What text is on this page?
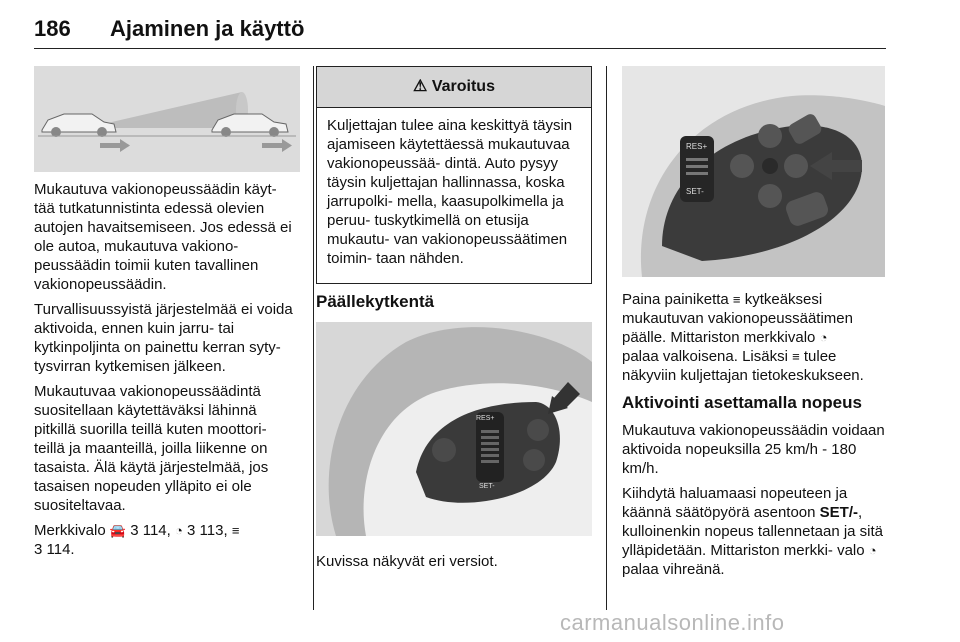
186 Ajaminen ja käyttö

Mukautuva vakionopeussäädin käyt- tää tutkatunnistinta edessä olevien autojen havaitsemiseen. Jos edessä ei ole autoa, mukautuva vakiono- peussäädin toimii kuten tavallinen vakionopeussäädin.

Turvallisuussyistä järjestelmää ei voida aktivoida, ennen kuin jarru- tai kytkinpoljinta on painettu kerran syty- tysvirran kytkemisen jälkeen.

Mukautuvaa vakionopeussäädintä suositellaan käytettäväksi lähinnä pitkillä suorilla teillä kuten moottori- teillä ja maanteillä, joilla liikenne on tasaista. Älä käytä järjestelmää, jos tasaisen nopeuden ylläpito ei ole suositeltavaa.

Merkkivalo 🚘 3 114, ◔ 3 113, ≡
3 114.

⚠ Varoitus
Kuljettajan tulee aina keskittyä täysin ajamiseen käytettäessä mukautuvaa vakionopeussää- dintä. Auto pysyy täysin kuljettajan hallinnassa, koska jarrupolki- mella, kaasupolkimella ja peruu- tuskytkimellä on etusija mukautu- van vakionopeussäätimen toimin- taan nähden.
Päällekytkentä
RES+
SET-

Kuvissa näkyvät eri versiot.

RES+
SET-

Paina painiketta ≡ kytkeäksesi mukautuvan vakionopeussäätimen päälle. Mittariston merkkivalo ◔
palaa valkoisena. Lisäksi ≡ tulee näkyviin kuljettajan tietokeskukseen.

Aktivointi asettamalla nopeus

Mukautuva vakionopeussäädin voidaan aktivoida nopeuksilla 25 km/h - 180 km/h.

Kiihdytä haluamaasi nopeuteen ja käännä säätöpyörä asentoon SET/-, kulloinenkin nopeus tallennetaan ja sitä ylläpidetään. Mittariston merkki- valo ◔ palaa vihreänä.

carmanualsonline.info
